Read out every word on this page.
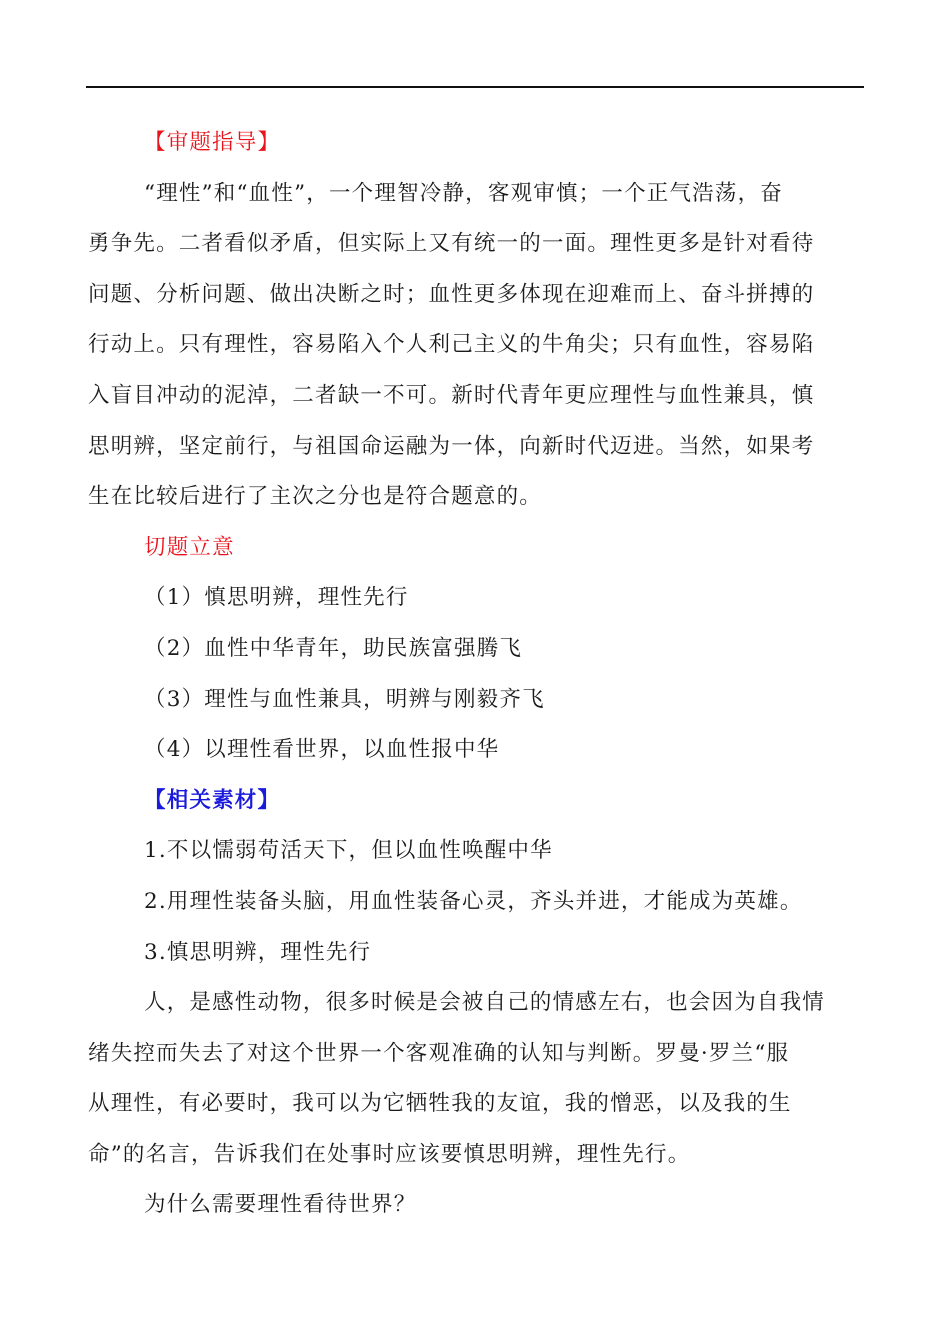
【审题指导】
“理性”和“血性”，一个理智冷静，客观审慎；一个正气浩荡，奋
勇争先。二者看似矛盾，但实际上又有统一的一面。理性更多是针对看待
问题、分析问题、做出决断之时；血性更多体现在迎难而上、奋斗拼搏的
行动上。只有理性，容易陷入个人利己主义的牛角尖；只有血性，容易陷
入盲目冲动的泥淖，二者缺一不可。新时代青年更应理性与血性兼具，慎
思明辨，坚定前行，与祖国命运融为一体，向新时代迈进。当然，如果考
生在比较后进行了主次之分也是符合题意的。
切题立意
（1）慎思明辨，理性先行
（2）血性中华青年，助民族富强腾飞
（3）理性与血性兼具，明辨与刚毅齐飞
（4）以理性看世界，以血性报中华
【相关素材】
1.不以懦弱苟活天下，但以血性唤醒中华
2.用理性装备头脑，用血性装备心灵，齐头并进，才能成为英雄。
3.慎思明辨，理性先行
人，是感性动物，很多时候是会被自己的情感左右，也会因为自我情
绪失控而失去了对这个世界一个客观准确的认知与判断。罗曼·罗兰“服
从理性，有必要时，我可以为它牺牲我的友谊，我的憎恶，以及我的生
命”的名言，告诉我们在处事时应该要慎思明辨，理性先行。
为什么需要理性看待世界？
